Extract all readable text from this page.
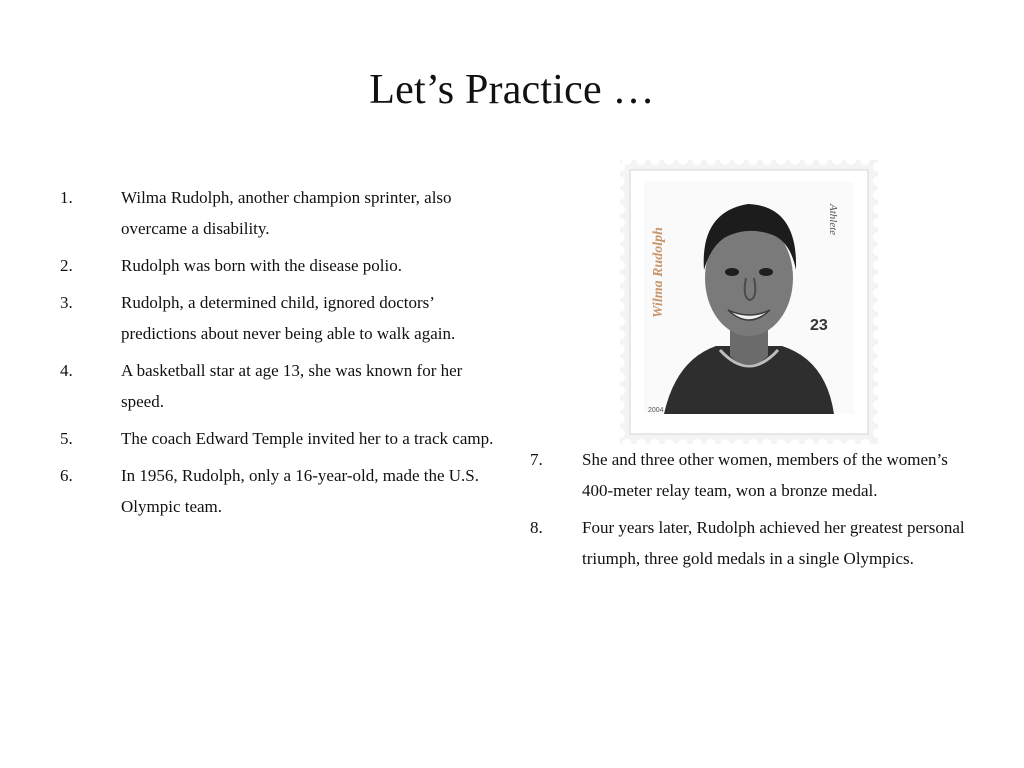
Let’s Practice …
1.	Wilma Rudolph, another champion sprinter, also overcame a disability.
2.	Rudolph was born with the disease polio.
3.	Rudolph, a determined child, ignored doctors’ predictions about never being able to walk again.
4.	A basketball star at age 13, she was known for her speed.
5.	The coach Edward Temple invited her to a track camp.
6.	In 1956, Rudolph, only a 16-year-old, made the U.S. Olympic team.
Wilma Rudolph
Athlete
23
2004
7. She and three other women, members of the women’s 400-meter relay team, won a bronze medal.
8. Four years later, Rudolph achieved her greatest personal triumph, three gold medals in a single Olympics.
